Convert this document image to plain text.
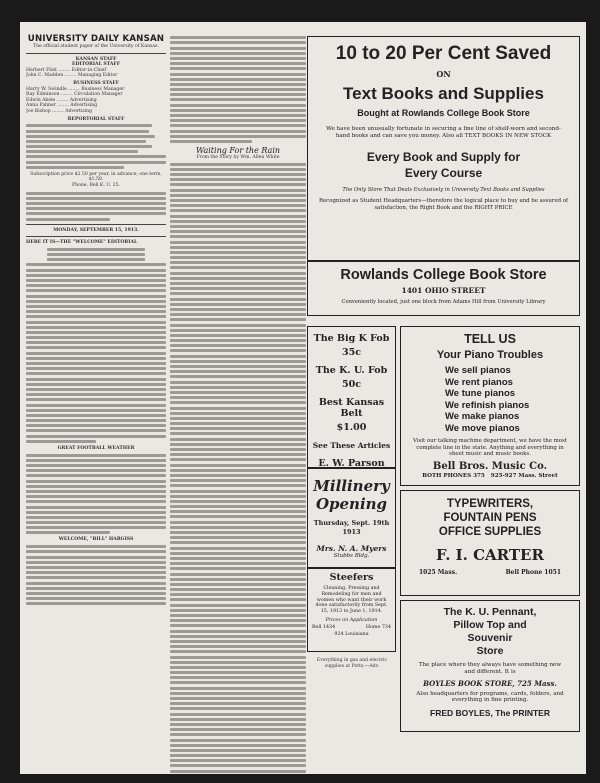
UNIVERSITY DAILY KANSAN
The official student paper of the University of Kansas.
KANSAN STAFF
EDITORIAL STAFF
Herbert Flint ........ Editor-in-Chief
John C. Madden ........ Managing Editor
BUSINESS STAFF
Harry W. Swindle ........ Business Manager
Ray Edminson ........ Circulation Manager
Edwin Abele ........ Advertising
Anna Palmer ........ Advertising
Joe Bishop ........ Advertising
REPORTORIAL STAFF
Subscription price $2.50 per year, in advance; one term, $1.50.
Phone, Bell K. U. 25.
MONDAY, SEPTEMBER 15, 1913.
HERE IT IS—THE "WELCOME" EDITORIAL
GREAT FOOTBALL WEATHER
WELCOME, "BILL" HARGISS
Waiting For the Rain
From the Story by Wm. Allen White
10 to 20 Per Cent Saved
ON
Text Books and Supplies
Bought at Rowlands College Book Store
We have been unusually fortunate in securing a fine line of shelf-worn and second-hand books and can save you money. Also all TEXT BOOKS IN NEW STOCK
Every Book and Supply for
Every Course
The Only Store That Deals Exclusively in University Text Books and Supplies
Recognized as Student Headquarters—therefore the logical place to buy and be assured of satisfaction, the Right Book and the RIGHT PRICE
Rowlands College Book Store
1401 OHIO STREET
Conveniently located, just one block from Adams Hill from University Library
The Big K Fob
35c
The K. U. Fob
50c
Best Kansas Belt
$1.00
See These Articles
E. W. Parson
Millinery
Opening
Thursday, Sept. 19th
1913
Mrs. N. A. Myers
Stubbs Bldg.
Steefers
Cleaning, Pressing and Remodeling for men and women who want their work done satisfactorily from Sept. 15, 1913 to June 1, 1914.
Prices on Application
Bell 1434	Home 734
924 Louisiana
Everything in gas and electric supplies at Potts.—Adv.
TELL US
Your Piano Troubles
We sell pianos
We rent pianos
We tune pianos
We refinish pianos
We make pianos
We move pianos
Visit our talking machine department, we have the most complete line in the state. Anything and everything in sheet music and music books.
Bell Bros. Music Co.
BOTH PHONES 375 925-927 Mass. Street
TYPEWRITERS,
FOUNTAIN PENS
OFFICE SUPPLIES
F. I. CARTER
1025 Mass.	Bell Phone 1051
The K. U. Pennant,
Pillow Top and
Souvenir
Store
The place where they always have something new and different. It is
BOYLES BOOK STORE, 725 Mass.
Also headquarters for programs, cards, folders, and everything in fine printing.
FRED BOYLES, The PRINTER
